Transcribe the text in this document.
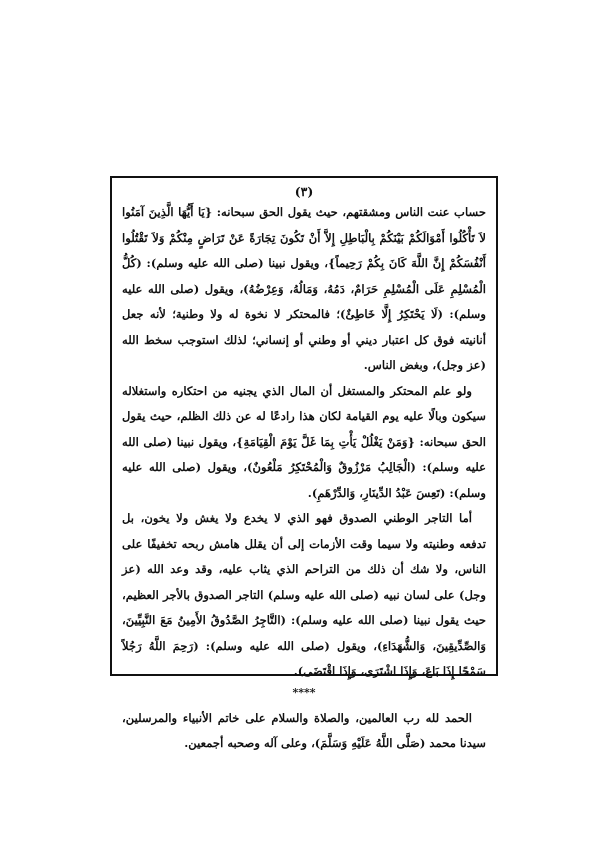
(٣)

حساب عنت الناس ومشقتهم، حيث يقول الحق سبحانه: {يَا أَيُّهَا الَّذِينَ آمَنُوا لاَ تَأْكُلُوا أَمْوَالَكُمْ بَيْنَكُمْ بِالْبَاطِلِ إِلاَّ أَنْ تَكُونَ تِجَارَةً عَنْ تَرَاضٍ مِنْكُمْ وَلاَ تَقْتُلُوا أَنْفُسَكُمْ إِنَّ اللَّهَ كَانَ بِكُمْ رَحِيماً}، ويقول نبينا (صلى الله عليه وسلم): (كُلُّ الْمُسْلِمِ عَلَى الْمُسْلِمِ حَرَامٌ، دَمُهُ، وَمَالُهُ، وَعِرْضُهُ)، ويقول (صلى الله عليه وسلم): (لَا يَحْتَكِرُ إِلَّا خَاطِئٌ)؛ فالمحتكر لا نخوة له ولا وطنية؛ لأنه جعل أنانيته فوق كل اعتبار ديني أو وطني أو إنساني؛ لذلك استوجب سخط الله (عز وجل)، وبغض الناس.

ولو علم المحتكر والمستغل أن المال الذي يجنيه من احتكاره واستغلاله سيكون وبالًا عليه يوم القيامة لكان هذا رادعًا له عن ذلك الظلم، حيث يقول الحق سبحانه: {وَمَنْ يَغْلُلْ يَأْتِ بِمَا غَلَّ يَوْمَ الْقِيَامَةِ}، ويقول نبينا (صلى الله عليه وسلم): (الْجَالِبُ مَرْزُوقٌ وَالْمُحْتَكِرُ مَلْعُونٌ)، ويقول (صلى الله عليه وسلم): (تَعِسَ عَبْدُ الدِّينَارِ، وَالدِّرْهَمِ).

أما التاجر الوطني الصدوق فهو الذي لا يخدع ولا يغش ولا يخون، بل تدفعه وطنيته ولا سيما وقت الأزمات إلى أن يقلل هامش ربحه تخفيفًا على الناس، ولا شك أن ذلك من التراحم الذي يثاب عليه، وقد وعد الله (عز وجل) على لسان نبيه (صلى الله عليه وسلم) التاجر الصدوق بالأجر العظيم، حيث يقول نبينا (صلى الله عليه وسلم): (التَّاجِرُ الصَّدُوقُ الأَمِينُ مَعَ النَّبِيِّينَ، وَالصِّدِّيقِينَ، وَالشُّهَدَاءِ)، ويقول (صلى الله عليه وسلم): (رَحِمَ اللَّهُ رَجُلاً سَمْحًا إِذَا بَاعَ، وَإِذَا اشْتَرَى، وَإِذَا اقْتَضَى).

****

الحمد لله رب العالمين، والصلاة والسلام على خاتم الأنبياء والمرسلين، سيدنا محمد (صَلَّى اللَّهُ عَلَيْهِ وَسَلَّمَ)، وعلى آله وصحبه أجمعين.
